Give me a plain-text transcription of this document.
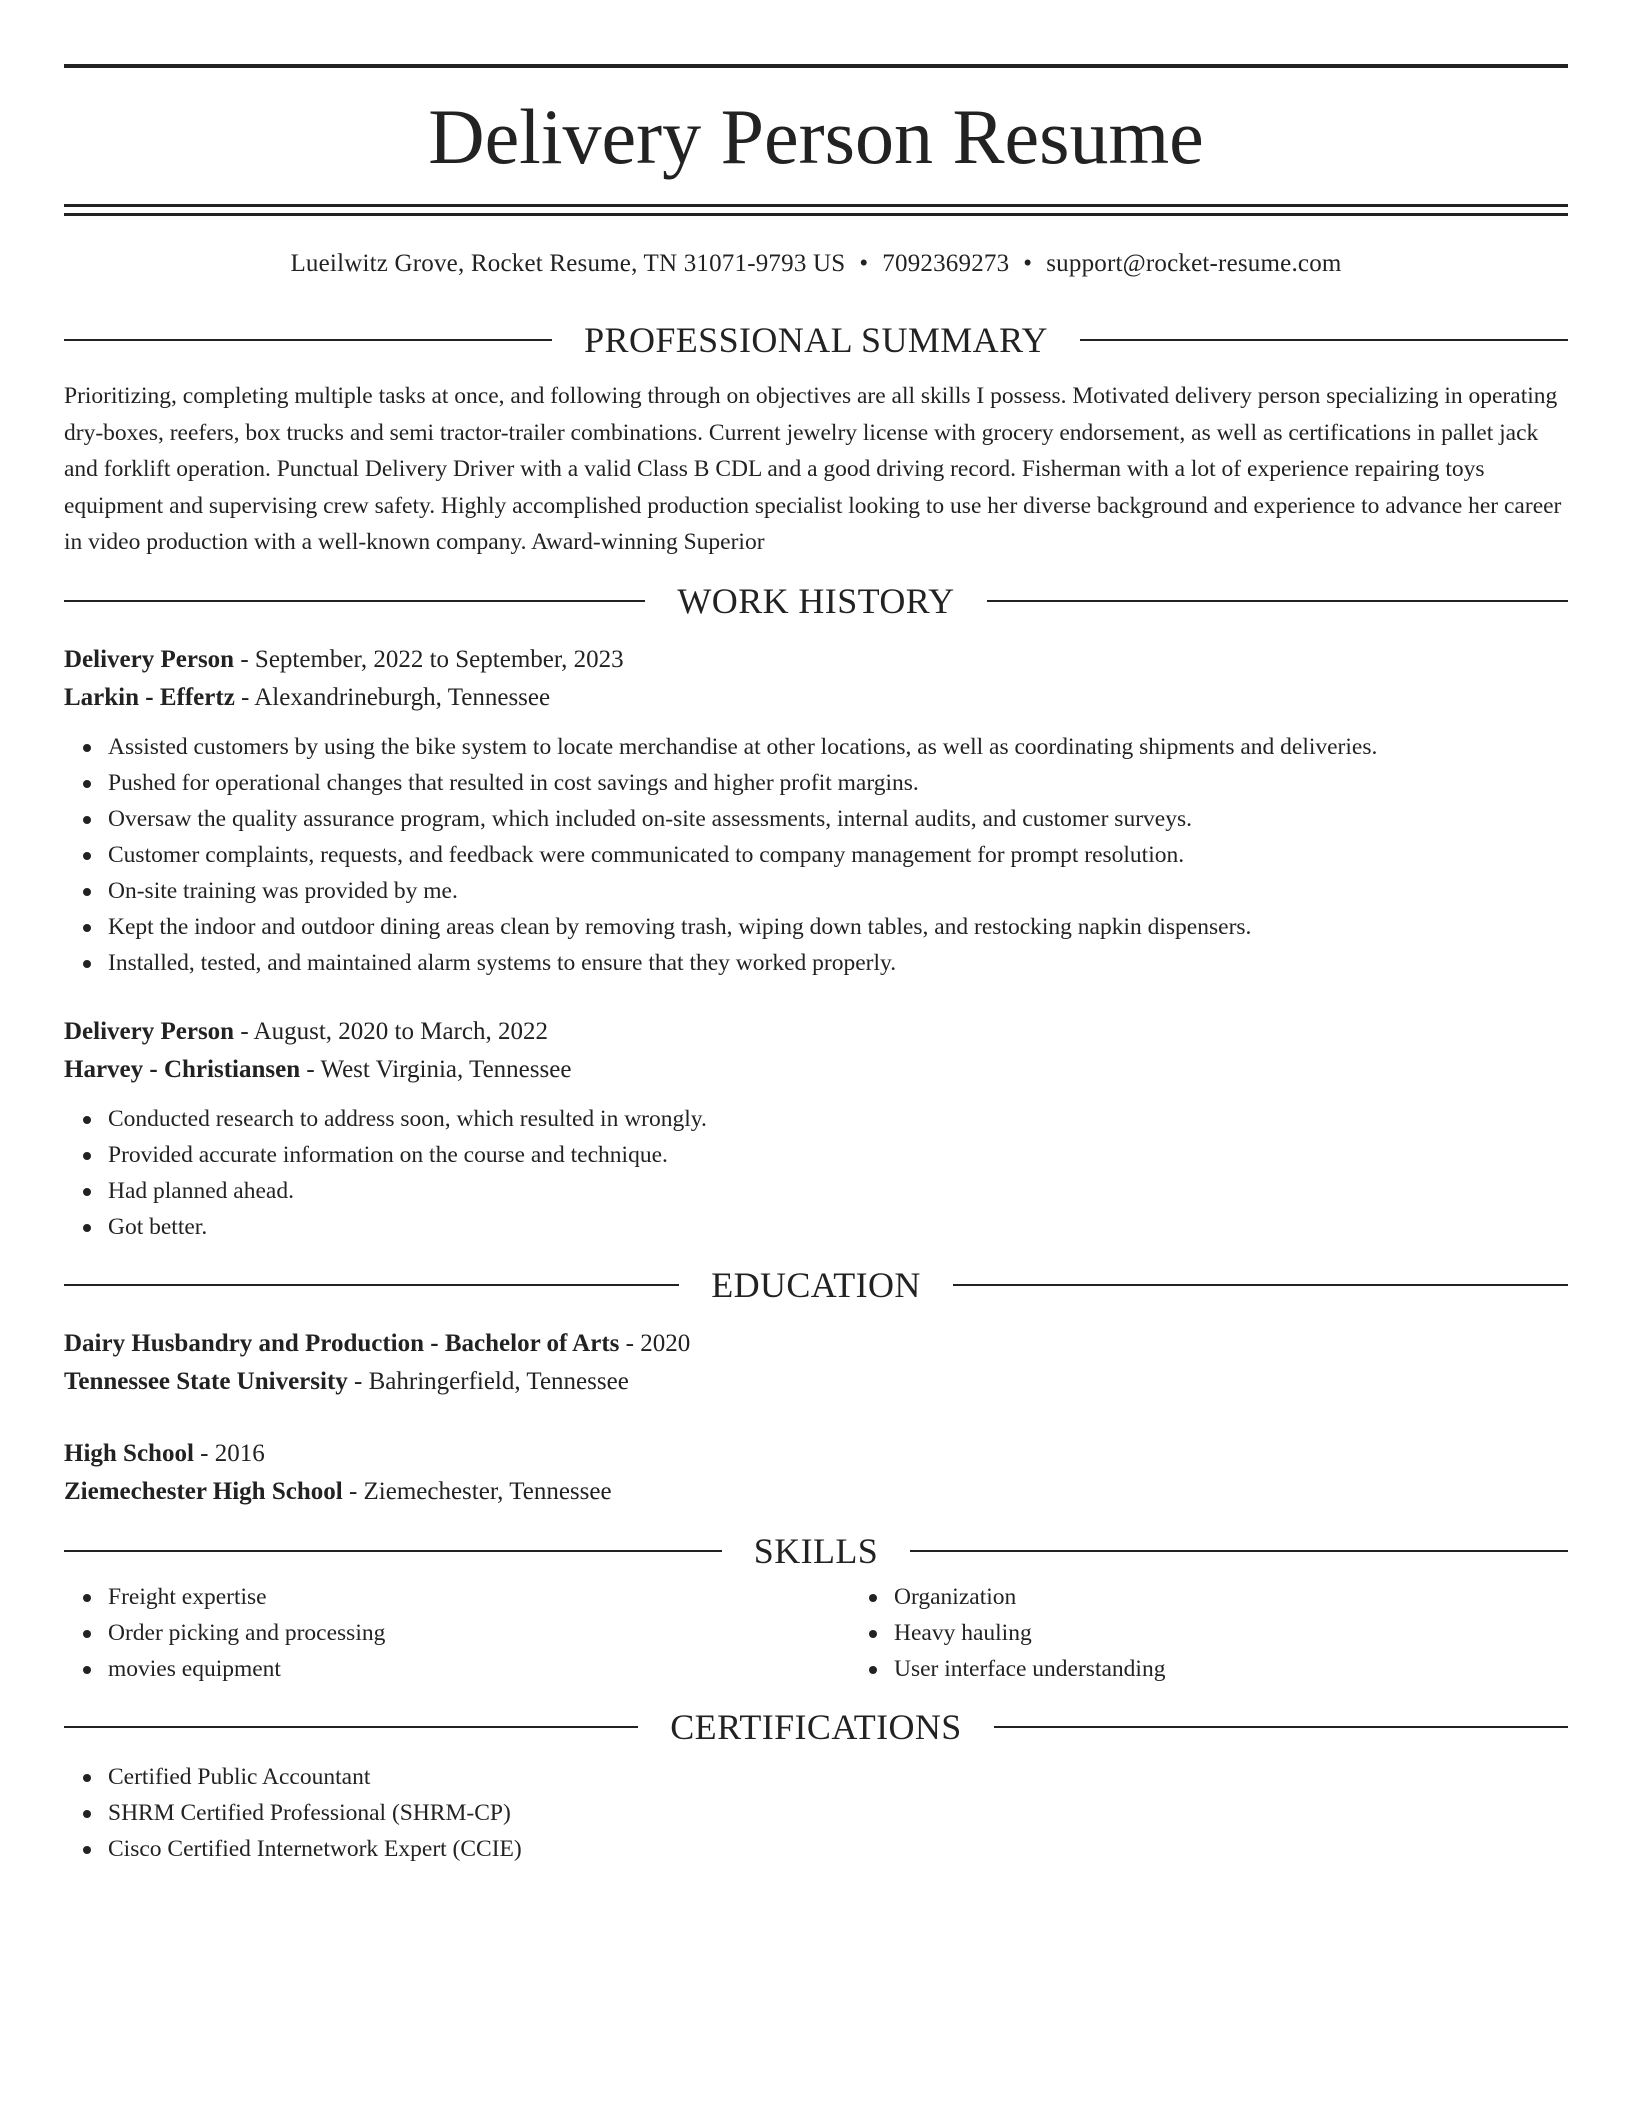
Delivery Person Resume
Lueilwitz Grove, Rocket Resume, TN 31071-9793 US • 7092369273 • support@rocket-resume.com
PROFESSIONAL SUMMARY

Prioritizing, completing multiple tasks at once, and following through on objectives are all skills I possess. Motivated delivery person specializing in operating dry-boxes, reefers, box trucks and semi tractor-trailer combinations. Current jewelry license with grocery endorsement, as well as certifications in pallet jack and forklift operation. Punctual Delivery Driver with a valid Class B CDL and a good driving record. Fisherman with a lot of experience repairing toys equipment and supervising crew safety. Highly accomplished production specialist looking to use her diverse background and experience to advance her career in video production with a well-known company. Award-winning Superior

WORK HISTORY
Delivery Person - September, 2022 to September, 2023
Larkin - Effertz - Alexandrineburgh, Tennessee
Assisted customers by using the bike system to locate merchandise at other locations, as well as coordinating shipments and deliveries.
Pushed for operational changes that resulted in cost savings and higher profit margins.
Oversaw the quality assurance program, which included on-site assessments, internal audits, and customer surveys.
Customer complaints, requests, and feedback were communicated to company management for prompt resolution.
On-site training was provided by me.
Kept the indoor and outdoor dining areas clean by removing trash, wiping down tables, and restocking napkin dispensers.
Installed, tested, and maintained alarm systems to ensure that they worked properly.
Delivery Person - August, 2020 to March, 2022
Harvey - Christiansen - West Virginia, Tennessee
Conducted research to address soon, which resulted in wrongly.
Provided accurate information on the course and technique.
Had planned ahead.
Got better.
EDUCATION
Dairy Husbandry and Production - Bachelor of Arts - 2020
Tennessee State University - Bahringerfield, Tennessee
High School - 2016
Ziemechester High School - Ziemechester, Tennessee
SKILLS
Freight expertise
Order picking and processing
movies equipment
Organization
Heavy hauling
User interface understanding
CERTIFICATIONS
Certified Public Accountant
SHRM Certified Professional (SHRM-CP)
Cisco Certified Internetwork Expert (CCIE)
